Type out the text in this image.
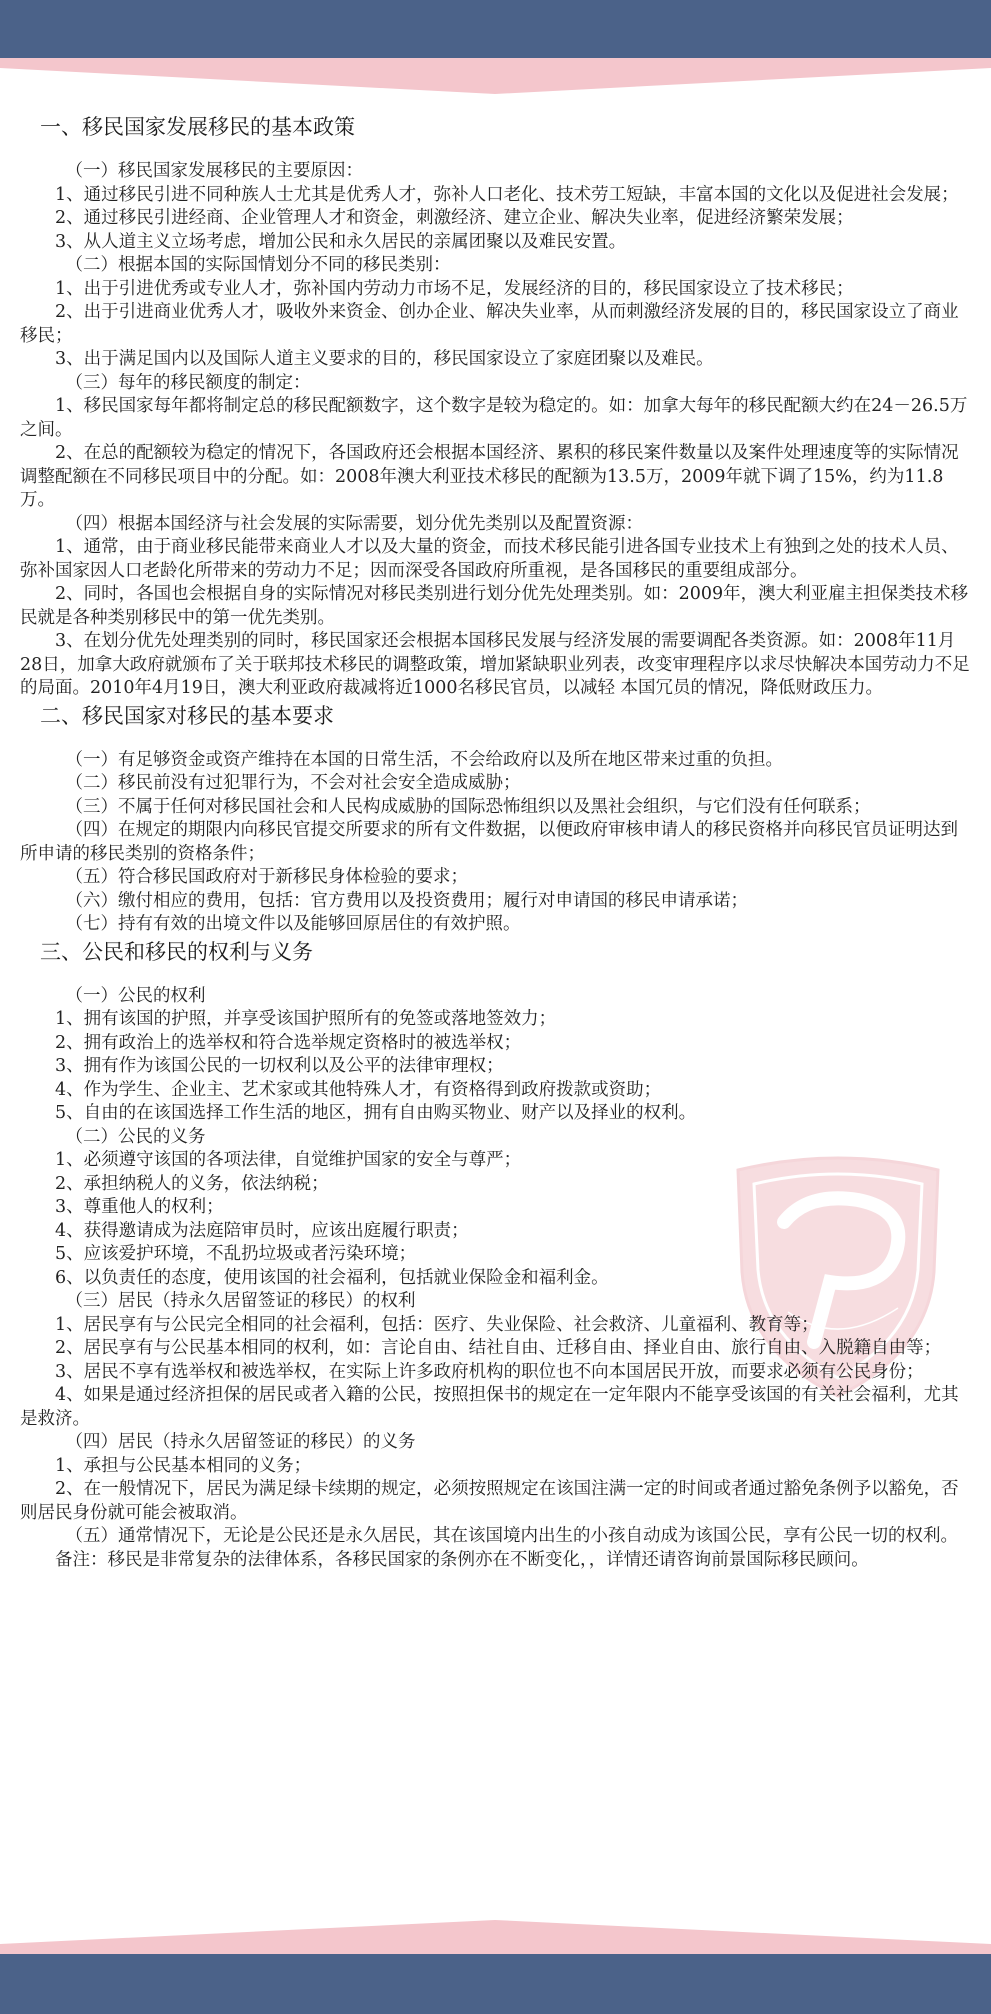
一、移民国家发展移民的基本政策

（一）移民国家发展移民的主要原因：

1、通过移民引进不同种族人士尤其是优秀人才，弥补人口老化、技术劳工短缺，丰富本国的文化以及促进社会发展；

2、通过移民引进经商、企业管理人才和资金，刺激经济、建立企业、解决失业率，促进经济繁荣发展；

3、从人道主义立场考虑，增加公民和永久居民的亲属团聚以及难民安置。

（二）根据本国的实际国情划分不同的移民类别：

1、出于引进优秀或专业人才，弥补国内劳动力市场不足，发展经济的目的，移民国家设立了技术移民；

2、出于引进商业优秀人才，吸收外来资金、创办企业、解决失业率，从而刺激经济发展的目的，移民国家设立了商业移民；

3、出于满足国内以及国际人道主义要求的目的，移民国家设立了家庭团聚以及难民。

（三）每年的移民额度的制定：

1、移民国家每年都将制定总的移民配额数字，这个数字是较为稳定的。如：加拿大每年的移民配额大约在24－26.5万之间。

2、在总的配额较为稳定的情况下，各国政府还会根据本国经济、累积的移民案件数量以及案件处理速度等的实际情况调整配额在不同移民项目中的分配。如：2008年澳大利亚技术移民的配额为13.5万，2009年就下调了15%，约为11.8万。

（四）根据本国经济与社会发展的实际需要，划分优先类别以及配置资源：

1、通常，由于商业移民能带来商业人才以及大量的资金，而技术移民能引进各国专业技术上有独到之处的技术人员、弥补国家因人口老龄化所带来的劳动力不足；因而深受各国政府所重视，是各国移民的重要组成部分。

2、同时，各国也会根据自身的实际情况对移民类别进行划分优先处理类别。如：2009年，澳大利亚雇主担保类技术移民就是各种类别移民中的第一优先类别。

3、在划分优先处理类别的同时，移民国家还会根据本国移民发展与经济发展的需要调配各类资源。如：2008年11月28日，加拿大政府就颁布了关于联邦技术移民的调整政策，增加紧缺职业列表，改变审理程序以求尽快解决本国劳动力不足的局面。2010年4月19日，澳大利亚政府裁减将近1000名移民官员，以减轻 本国冗员的情况，降低财政压力。

二、移民国家对移民的基本要求

（一）有足够资金或资产维持在本国的日常生活，不会给政府以及所在地区带来过重的负担。

（二）移民前没有过犯罪行为，不会对社会安全造成威胁；

（三）不属于任何对移民国社会和人民构成威胁的国际恐怖组织以及黑社会组织，与它们没有任何联系；

（四）在规定的期限内向移民官提交所要求的所有文件数据，以便政府审核申请人的移民资格并向移民官员证明达到所申请的移民类别的资格条件；

（五）符合移民国政府对于新移民身体检验的要求；

（六）缴付相应的费用，包括：官方费用以及投资费用；履行对申请国的移民申请承诺；

（七）持有有效的出境文件以及能够回原居住的有效护照。

三、公民和移民的权利与义务

（一）公民的权利

1、拥有该国的护照，并享受该国护照所有的免签或落地签效力；

2、拥有政治上的选举权和符合选举规定资格时的被选举权；

3、拥有作为该国公民的一切权利以及公平的法律审理权；

4、作为学生、企业主、艺术家或其他特殊人才，有资格得到政府拨款或资助；

5、自由的在该国选择工作生活的地区，拥有自由购买物业、财产以及择业的权利。

（二）公民的义务

1、必须遵守该国的各项法律，自觉维护国家的安全与尊严；

2、承担纳税人的义务，依法纳税；

3、尊重他人的权利；

4、获得邀请成为法庭陪审员时，应该出庭履行职责；

5、应该爱护环境，不乱扔垃圾或者污染环境；

6、以负责任的态度，使用该国的社会福利，包括就业保险金和福利金。

（三）居民（持永久居留签证的移民）的权利

1、居民享有与公民完全相同的社会福利，包括：医疗、失业保险、社会救济、儿童福利、教育等；

2、居民享有与公民基本相同的权利，如：言论自由、结社自由、迁移自由、择业自由、旅行自由、入脱籍自由等；

3、居民不享有选举权和被选举权，在实际上许多政府机构的职位也不向本国居民开放，而要求必须有公民身份；

4、如果是通过经济担保的居民或者入籍的公民，按照担保书的规定在一定年限内不能享受该国的有关社会福利，尤其是救济。

（四）居民（持永久居留签证的移民）的义务

1、承担与公民基本相同的义务；

2、在一般情况下，居民为满足绿卡续期的规定，必须按照规定在该国注满一定的时间或者通过豁免条例予以豁免，否则居民身份就可能会被取消。

（五）通常情况下，无论是公民还是永久居民，其在该国境内出生的小孩自动成为该国公民，享有公民一切的权利。

备注：移民是非常复杂的法律体系，各移民国家的条例亦在不断变化，，详情还请咨询前景国际移民顾问。
